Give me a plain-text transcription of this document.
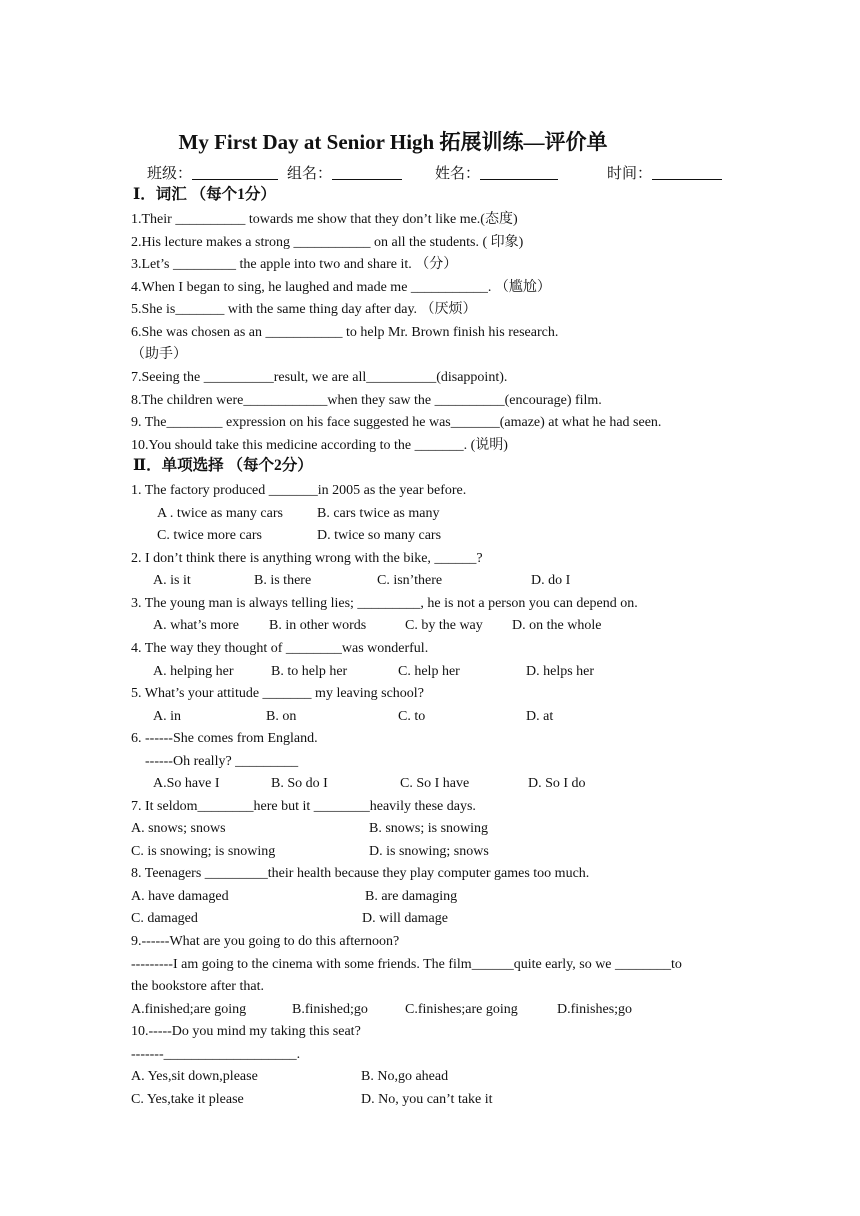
My First Day at Senior High 拓展训练—评价单
班级：	组名：	姓名：	时间：
Ⅰ．词汇 （每个1分）
1.Their __________ towards me show that they don’t like me.(态度)
2.His lecture makes a strong ___________ on all the students. ( 印象)
3.Let’s _________ the apple into two and share it. （分）
4.When I began to sing, he laughed and made me ___________. （尴尬）
5.She is_______ with the same thing day after day. （厌烦）
6.She was chosen as an ___________ to help Mr. Brown finish his research.
（助手）
7.Seeing the __________result, we are all__________(disappoint).
8.The children were____________when they saw the __________(encourage) film.
9. The________ expression on his face suggested he was_______(amaze) at what he had seen.
10.You should take this medicine according to the _______. (说明)
Ⅱ．单项选择 （每个2分）
1. The factory produced _______in 2005 as the year before.
A . twice as many cars B. cars twice as many
C. twice more cars	D. twice so many cars
2. I don’t think there is anything wrong with the bike, ______?
A. is it	B. is there	C. isn’there	D. do I
3. The young man is always telling lies; _________, he is not a person you can depend on.
A. what’s more B. in other words	C. by the way D. on the whole
4. The way they thought of ________was wonderful.
A. helping her	B. to help her	C. help her	D. helps her
5. What’s your attitude _______ my leaving school?
A. in	B. on	C. to	D. at
6. ------She comes from England.
------Oh really? _________
A.So have I	B. So do I	C. So I have	D. So I do
7. It seldom________here but it ________heavily these days.
A. snows; snows	B. snows; is snowing
C. is snowing; is snowing	D. is snowing; snows
8. Teenagers _________their health because they play computer games too much.
A. have damaged	B. are damaging
C. damaged	D. will damage
9.------What are you going to do this afternoon?
---------I am going to the cinema with some friends. The film______quite early, so we ________to
the bookstore after that.
A.finished;are going	B.finished;go	C.finishes;are going	D.finishes;go
10.-----Do you mind my taking this seat?
-------___________________.
A. Yes,sit down,please	B. No,go ahead
C. Yes,take it please	D. No, you can’t take it
